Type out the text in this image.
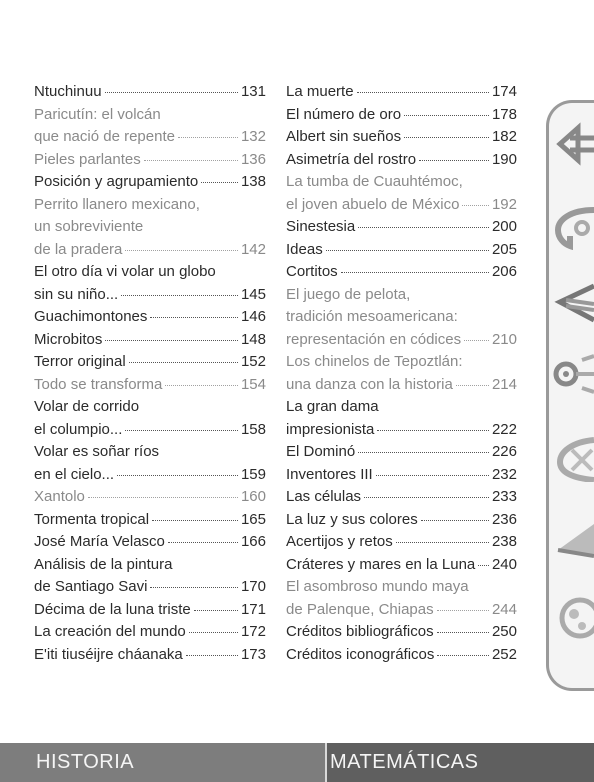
Ntuchinuu	131
Paricutín: el volcán
que nació de repente	132
Pieles parlantes	136
Posición y agrupamiento	138
Perrito llanero mexicano,
un sobreviviente
de la pradera	142
El otro día vi volar un globo
sin su niño...	145
Guachimontones	146
Microbitos	148
Terror original	152
Todo se transforma	154
Volar de corrido
el columpio...	158
Volar es soñar ríos
en el cielo...	159
Xantolo	160
Tormenta tropical	165
José María Velasco	166
Análisis de la pintura
de Santiago Savi	170
Décima de la luna triste	171
La creación del mundo	172
E'iti tiuséijre cháanaka	173
La muerte	174
El número de oro	178
Albert sin sueños	182
Asimetría del rostro	190
La tumba de Cuauhtémoc,
el joven abuelo de México 192
Sinestesia	200
Ideas	205
Cortitos	206
El juego de pelota,
tradición mesoamericana:
representación en códices 210
Los chinelos de Tepoztlán:
una danza con la historia	214
La gran dama
impresionista	222
El Dominó	226
Inventores III	232
Las células	233
La luz y sus colores	236
Acertijos y retos	238
Cráteres y mares en la Luna 240
El asombroso mundo maya
de Palenque, Chiapas	244
Créditos bibliográficos	250
Créditos iconográficos	252
HISTORIA	MATEMÁTICAS
